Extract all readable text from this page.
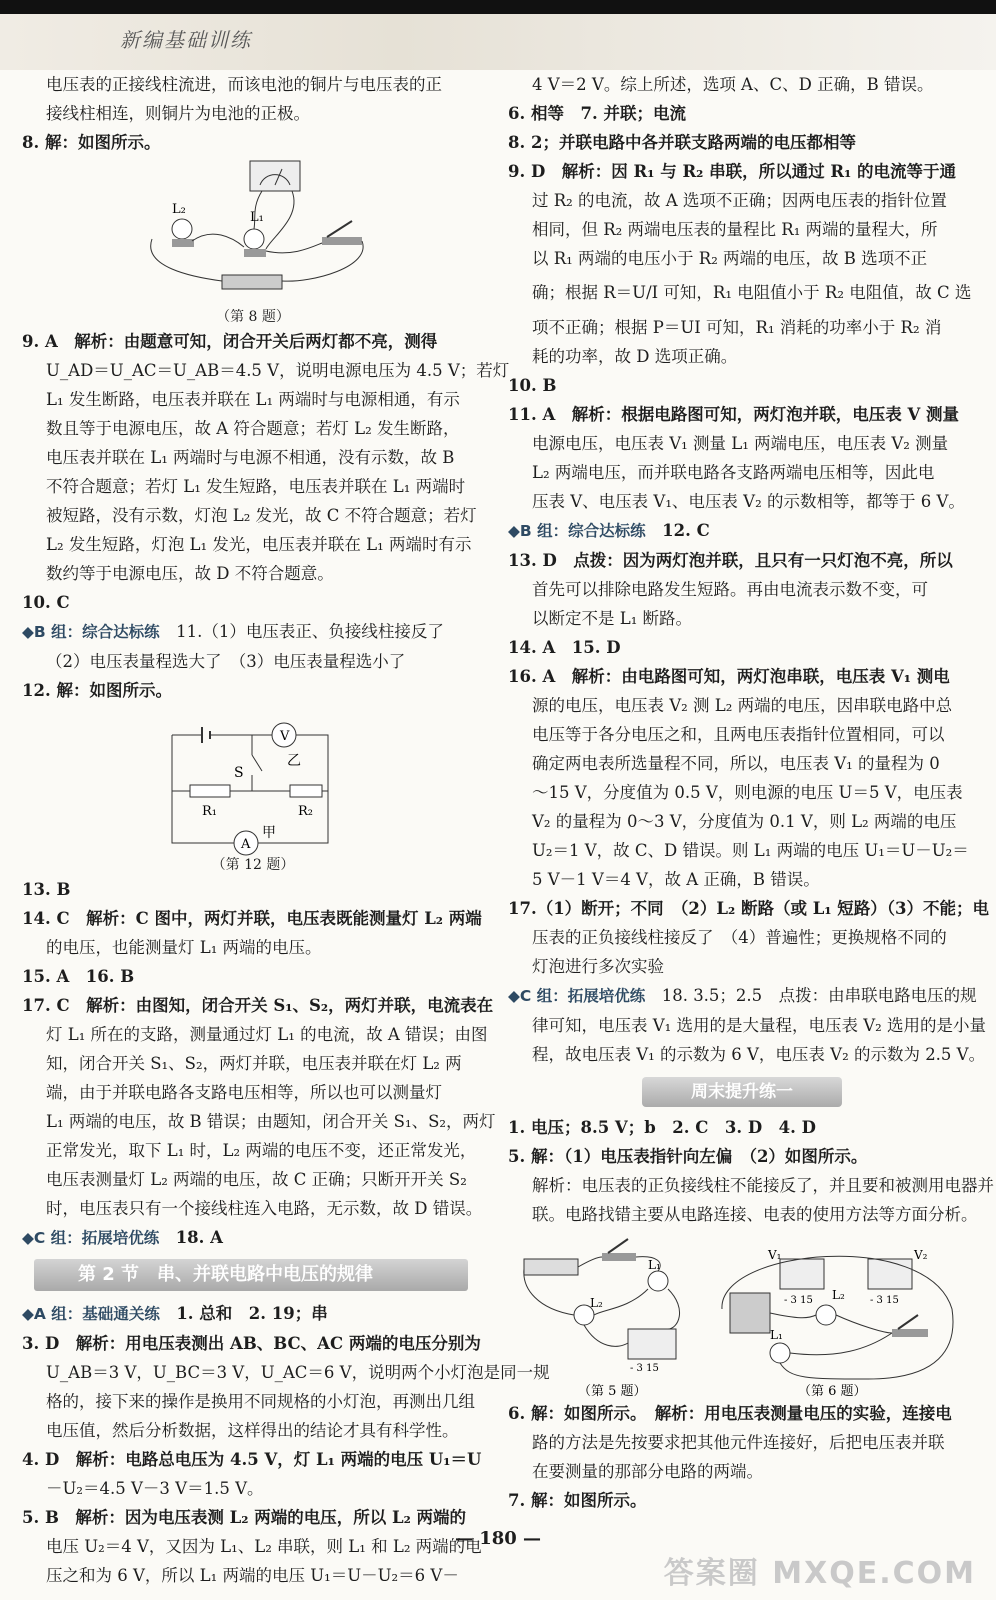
新编基础训练
电压表的正接线柱流进，而该电池的铜片与电压表的正
接线柱相连，则铜片为电池的正极。
8. 解：如图所示。
L₂
L₁
（第 8 题）
9. A　解析：由题意可知，闭合开关后两灯都不亮，测得
U_AD＝U_AC＝U_AB＝4.5 V，说明电源电压为 4.5 V；若灯
L₁ 发生断路，电压表并联在 L₁ 两端时与电源相通，有示
数且等于电源电压，故 A 符合题意；若灯 L₂ 发生断路，
电压表并联在 L₁ 两端时与电源不相通，没有示数，故 B
不符合题意；若灯 L₁ 发生短路，电压表并联在 L₁ 两端时
被短路，没有示数，灯泡 L₂ 发光，故 C 不符合题意；若灯
L₂ 发生短路，灯泡 L₁ 发光，电压表并联在 L₁ 两端时有示
数约等于电源电压，故 D 不符合题意。
10. C
◆B 组：综合达标练　 11.（1）电压表正、负接线柱接反了
（2）电压表量程选大了　（3）电压表量程选小了
12. 解：如图所示。
V
乙
S
R₁	R₂
A
甲
（第 12 题）
13. B
14. C　解析：C 图中，两灯并联，电压表既能测量灯 L₂ 两端
的电压，也能测量灯 L₁ 两端的电压。
15. A　16. B
17. C　解析：由图知，闭合开关 S₁、S₂，两灯并联，电流表在
灯 L₁ 所在的支路，测量通过灯 L₁ 的电流，故 A 错误；由图
知，闭合开关 S₁、S₂，两灯并联，电压表并联在灯 L₂ 两
端，由于并联电路各支路电压相等，所以也可以测量灯
L₁ 两端的电压，故 B 错误；由题知，闭合开关 S₁、S₂，两灯
正常发光，取下 L₁ 时，L₂ 两端的电压不变，还正常发光，
电压表测量灯 L₂ 两端的电压，故 C 正确；只断开开关 S₂
时，电压表只有一个接线柱连入电路，无示数，故 D 错误。
◆C 组：拓展培优练　 18. A
第 2 节　串、并联电路中电压的规律
◆A 组：基础通关练　 1. 总和　2. 19；串
3. D　解析：用电压表测出 AB、BC、AC 两端的电压分别为
U_AB＝3 V，U_BC＝3 V，U_AC＝6 V，说明两个小灯泡是同一规
格的，接下来的操作是换用不同规格的小灯泡，再测出几组
电压值，然后分析数据，这样得出的结论才具有科学性。
4. D　解析：电路总电压为 4.5 V，灯 L₁ 两端的电压 U₁＝U
－U₂＝4.5 V－3 V＝1.5 V。
5. B　解析：因为电压表测 L₂ 两端的电压，所以 L₂ 两端的
电压 U₂＝4 V，又因为 L₁、L₂ 串联，则 L₁ 和 L₂ 两端的电
压之和为 6 V，所以 L₁ 两端的电压 U₁＝U－U₂＝6 V－
4 V＝2 V。综上所述，选项 A、C、D 正确，B 错误。
6. 相等　7. 并联；电流
8. 2；并联电路中各并联支路两端的电压都相等
9. D　解析：因 R₁ 与 R₂ 串联，所以通过 R₁ 的电流等于通
过 R₂ 的电流，故 A 选项不正确；因两电压表的指针位置
相同，但 R₂ 两端电压表的量程比 R₁ 两端的量程大，所
以 R₁ 两端的电压小于 R₂ 两端的电压，故 B 选项不正
确；根据 R＝U/I 可知，R₁ 电阻值小于 R₂ 电阻值，故 C 选
项不正确；根据 P＝UI 可知，R₁ 消耗的功率小于 R₂ 消
耗的功率，故 D 选项正确。
10. B
11. A　解析：根据电路图可知，两灯泡并联，电压表 V 测量
电源电压，电压表 V₁ 测量 L₁ 两端电压，电压表 V₂ 测量
L₂ 两端电压，而并联电路各支路两端电压相等，因此电
压表 V、电压表 V₁、电压表 V₂ 的示数相等，都等于 6 V。
◆B 组：综合达标练　 12. C
13. D　点拨：因为两灯泡并联，且只有一只灯泡不亮，所以
首先可以排除电路发生短路。再由电流表示数不变，可
以断定不是 L₁ 断路。
14. A　15. D
16. A　解析：由电路图可知，两灯泡串联，电压表 V₁ 测电
源的电压，电压表 V₂ 测 L₂ 两端的电压，因串联电路中总
电压等于各分电压之和，且两电压表指针位置相同，可以
确定两电表所选量程不同，所以，电压表 V₁ 的量程为 0
～15 V，分度值为 0.5 V，则电源的电压 U＝5 V，电压表
V₂ 的量程为 0～3 V，分度值为 0.1 V，则 L₂ 两端的电压
U₂＝1 V，故 C、D 错误。则 L₁ 两端的电压 U₁＝U－U₂＝
5 V－1 V＝4 V，故 A 正确，B 错误。
17.（1）断开；不同　（2）L₂ 断路（或 L₁ 短路）（3）不能；电
压表的正负接线柱接反了　（4）普遍性；更换规格不同的
灯泡进行多次实验
◆C 组：拓展培优练　 18. 3.5；2.5　点拨：由串联电路电压的规
律可知，电压表 V₁ 选用的是大量程，电压表 V₂ 选用的是小量
程，故电压表 V₁ 的示数为 6 V，电压表 V₂ 的示数为 2.5 V。
周末提升练一
1. 电压；8.5 V；b　2. C　3. D　4. D
5. 解：（1）电压表指针向左偏　（2）如图所示。
解析：电压表的正负接线柱不能接反了，并且要和被测用电器并
联。电路找错主要从电路连接、电表的使用方法等方面分析。
L₁
L₂
- 3 15
V₁	V₂
- 3 15	- 3 15
L₂
L₁
（第 5 题）	（第 6 题）
6. 解：如图所示。　解析：用电压表测量电压的实验，连接电
路的方法是先按要求把其他元件连接好，后把电压表并联
在要测量的那部分电路的两端。
7. 解：如图所示。
— 180 —
答案圈 MXQE.COM
